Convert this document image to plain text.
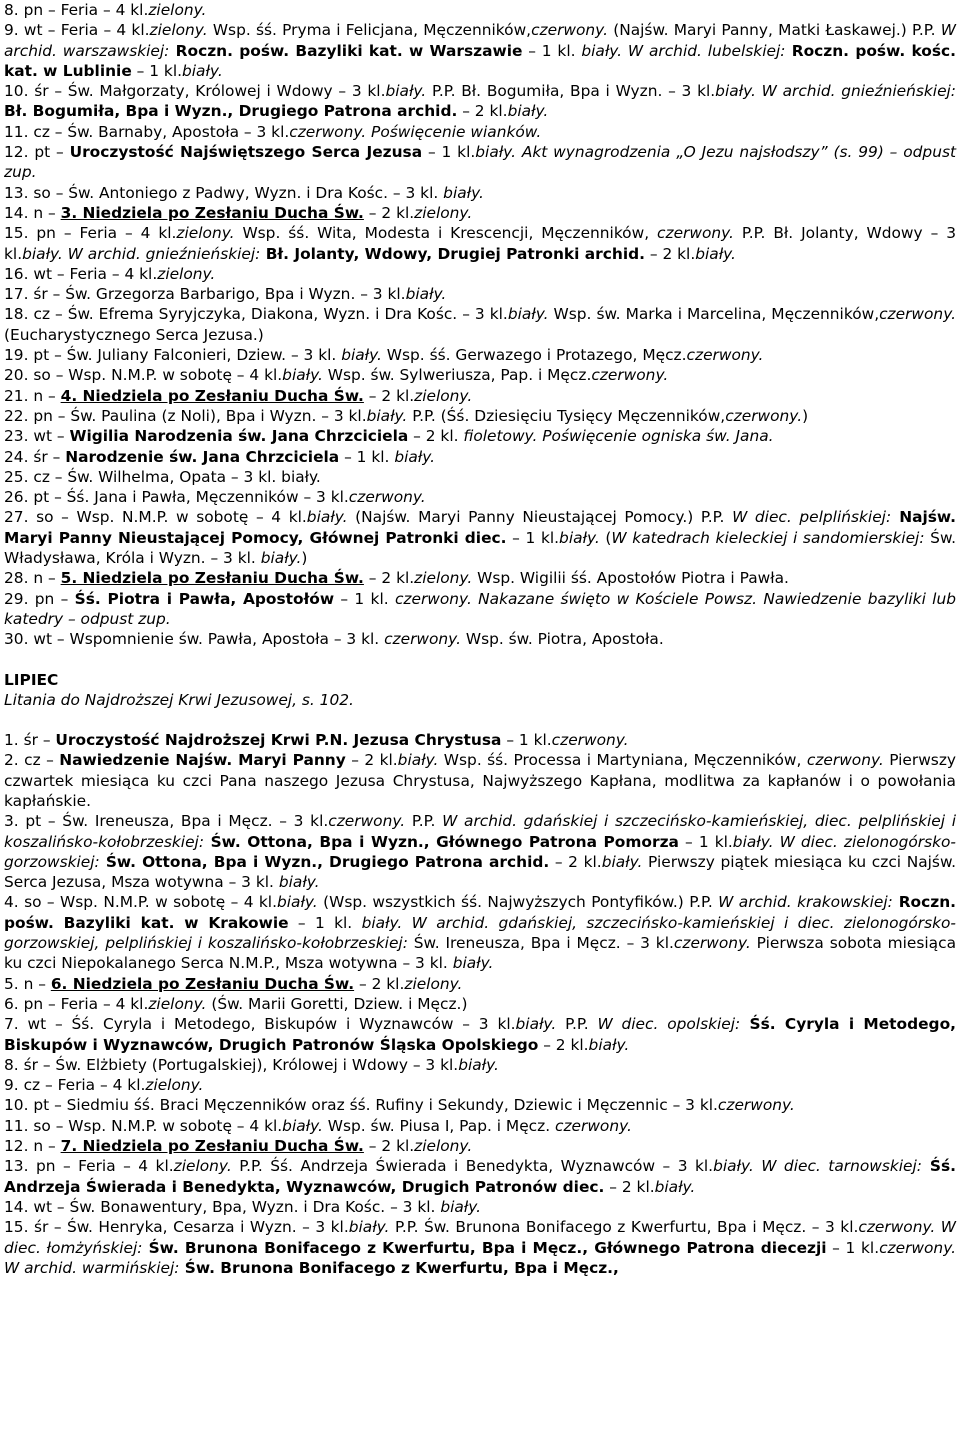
8. pn – Feria – 4 kl.zielony.

9. wt – Feria – 4 kl.zielony. Wsp. śś. Pryma i Felicjana, Męczenników,czerwony. (Najśw. Maryi Panny, Matki Łaskawej.) P.P. W archid. warszawskiej: Roczn. pośw. Bazyliki kat. w Warszawie – 1 kl. biały. W archid. lubelskiej: Roczn. pośw. kośc. kat. w Lublinie – 1 kl.biały.

10. śr – Św. Małgorzaty, Królowej i Wdowy – 3 kl.biały. P.P. Bł. Bogumiła, Bpa i Wyzn. – 3 kl.biały. W archid. gnieźnieńskiej: Bł. Bogumiła, Bpa i Wyzn., Drugiego Patrona archid. – 2 kl.biały.

11. cz – Św. Barnaby, Apostoła – 3 kl.czerwony. Poświęcenie wianków.

12. pt – Uroczystość Najświętszego Serca Jezusa – 1 kl.biały. Akt wynagrodzenia „O Jezu najsłodszy” (s. 99) – odpust zup.

13. so – Św. Antoniego z Padwy, Wyzn. i Dra Kośc. – 3 kl. biały.

14. n – 3. Niedziela po Zesłaniu Ducha Św. – 2 kl.zielony.

15. pn – Feria – 4 kl.zielony. Wsp. śś. Wita, Modesta i Krescencji, Męczenników, czerwony. P.P. Bł. Jolanty, Wdowy – 3 kl.biały. W archid. gnieźnieńskiej: Bł. Jolanty, Wdowy, Drugiej Patronki archid. – 2 kl.biały.

16. wt – Feria – 4 kl.zielony.

17. śr – Św. Grzegorza Barbarigo, Bpa i Wyzn. – 3 kl.biały.

18. cz – Św. Efrema Syryjczyka, Diakona, Wyzn. i Dra Kośc. – 3 kl.biały. Wsp. św. Marka i Marcelina, Męczenników,czerwony. (Eucharystycznego Serca Jezusa.)

19. pt – Św. Juliany Falconieri, Dziew. – 3 kl. biały. Wsp. śś. Gerwazego i Protazego, Męcz.czerwony.

20. so – Wsp. N.M.P. w sobotę – 4 kl.biały. Wsp. św. Sylweriusza, Pap. i Męcz.czerwony.

21. n – 4. Niedziela po Zesłaniu Ducha Św. – 2 kl.zielony.

22. pn – Św. Paulina (z Noli), Bpa i Wyzn. – 3 kl.biały. P.P. (Śś. Dziesięciu Tysięcy Męczenników,czerwony.)

23. wt – Wigilia Narodzenia św. Jana Chrzciciela – 2 kl. fioletowy. Poświęcenie ogniska św. Jana.

24. śr – Narodzenie św. Jana Chrzciciela – 1 kl. biały.

25. cz – Św. Wilhelma, Opata – 3 kl. biały.

26. pt – Śś. Jana i Pawła, Męczenników – 3 kl.czerwony.

27. so – Wsp. N.M.P. w sobotę – 4 kl.biały. (Najśw. Maryi Panny Nieustającej Pomocy.) P.P. W diec. pelplińskiej: Najśw. Maryi Panny Nieustającej Pomocy, Głównej Patronki diec. – 1 kl.biały. (W katedrach kieleckiej i sandomierskiej: Św. Władysława, Króla i Wyzn. – 3 kl. biały.)

28. n – 5. Niedziela po Zesłaniu Ducha Św. – 2 kl.zielony. Wsp. Wigilii śś. Apostołów Piotra i Pawła.

29. pn – Śś. Piotra i Pawła, Apostołów – 1 kl. czerwony. Nakazane święto w Kościele Powsz. Nawiedzenie bazyliki lub katedry – odpust zup.

30. wt – Wspomnienie św. Pawła, Apostoła – 3 kl. czerwony. Wsp. św. Piotra, Apostoła.

LIPIEC

Litania do Najdroższej Krwi Jezusowej, s. 102.

1. śr – Uroczystość Najdroższej Krwi P.N. Jezusa Chrystusa – 1 kl.czerwony.

2. cz – Nawiedzenie Najśw. Maryi Panny – 2 kl.biały. Wsp. śś. Processa i Martyniana, Męczenników, czerwony. Pierwszy czwartek miesiąca ku czci Pana naszego Jezusa Chrystusa, Najwyższego Kapłana, modlitwa za kapłanów i o powołania kapłańskie.

3. pt – Św. Ireneusza, Bpa i Męcz. – 3 kl.czerwony. P.P. W archid. gdańskiej i szczecińsko-kamieńskiej, diec. pelplińskiej i koszalińsko-kołobrzeskiej: Św. Ottona, Bpa i Wyzn., Głównego Patrona Pomorza – 1 kl.biały. W diec. zielonogórsko-gorzowskiej: Św. Ottona, Bpa i Wyzn., Drugiego Patrona archid. – 2 kl.biały. Pierwszy piątek miesiąca ku czci Najśw. Serca Jezusa, Msza wotywna – 3 kl. biały.

4. so – Wsp. N.M.P. w sobotę – 4 kl.biały. (Wsp. wszystkich śś. Najwyższych Pontyfików.) P.P. W archid. krakowskiej: Roczn. pośw. Bazyliki kat. w Krakowie – 1 kl. biały. W archid. gdańskiej, szczecińsko-kamieńskiej i diec. zielonogórsko-gorzowskiej, pelplińskiej i koszalińsko-kołobrzeskiej: Św. Ireneusza, Bpa i Męcz. – 3 kl.czerwony. Pierwsza sobota miesiąca ku czci Niepokalanego Serca N.M.P., Msza wotywna – 3 kl. biały.

5. n – 6. Niedziela po Zesłaniu Ducha Św. – 2 kl.zielony.

6. pn – Feria – 4 kl.zielony. (Św. Marii Goretti, Dziew. i Męcz.)

7. wt – Śś. Cyryla i Metodego, Biskupów i Wyznawców – 3 kl.biały. P.P. W diec. opolskiej: Śś. Cyryla i Metodego, Biskupów i Wyznawców, Drugich Patronów Śląska Opolskiego – 2 kl.biały.

8. śr – Św. Elżbiety (Portugalskiej), Królowej i Wdowy – 3 kl.biały.

9. cz – Feria – 4 kl.zielony.

10. pt – Siedmiu śś. Braci Męczenników oraz śś. Rufiny i Sekundy, Dziewic i Męczennic – 3 kl.czerwony.

11. so – Wsp. N.M.P. w sobotę – 4 kl.biały. Wsp. św. Piusa I, Pap. i Męcz. czerwony.

12. n – 7. Niedziela po Zesłaniu Ducha Św. – 2 kl.zielony.

13. pn – Feria – 4 kl.zielony. P.P. Śś. Andrzeja Świerada i Benedykta, Wyznawców – 3 kl.biały. W diec. tarnowskiej: Śś. Andrzeja Świerada i Benedykta, Wyznawców, Drugich Patronów diec. – 2 kl.biały.

14. wt – Św. Bonawentury, Bpa, Wyzn. i Dra Kośc. – 3 kl. biały.

15. śr – Św. Henryka, Cesarza i Wyzn. – 3 kl.biały. P.P. Św. Brunona Bonifacego z Kwerfurtu, Bpa i Męcz. – 3 kl.czerwony. W diec. łomżyńskiej: Św. Brunona Bonifacego z Kwerfurtu, Bpa i Męcz., Głównego Patrona diecezji – 1 kl.czerwony. W archid. warmińskiej: Św. Brunona Bonifacego z Kwerfurtu, Bpa i Męcz.,
